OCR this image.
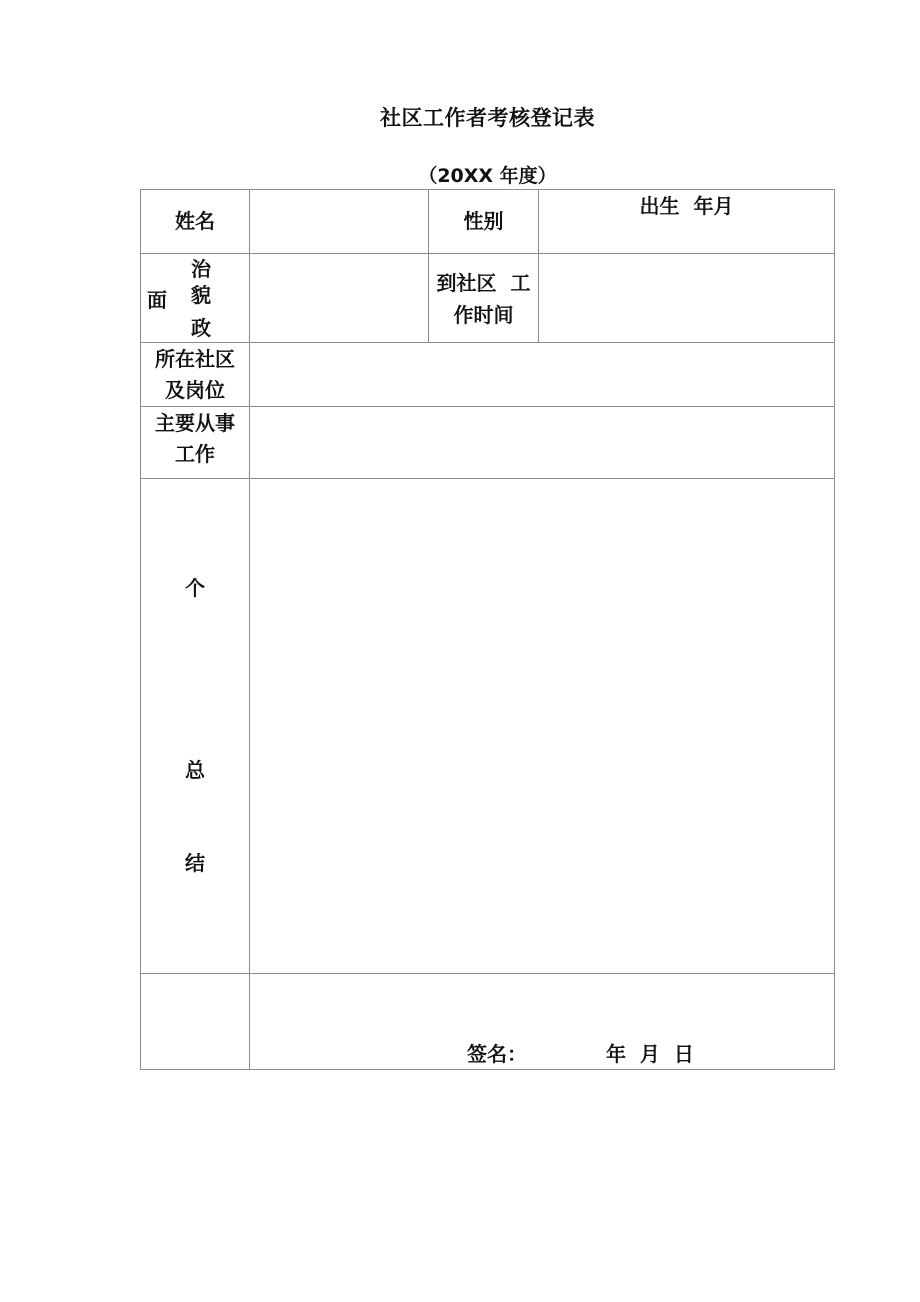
社区工作者考核登记表
（20XX 年度）
姓名	性别
出生  年月
治
貌
面
政
到社区  工
作时间
所在社区
及岗位
主要从事
工作
个
总
结
签名：	年  月  日
